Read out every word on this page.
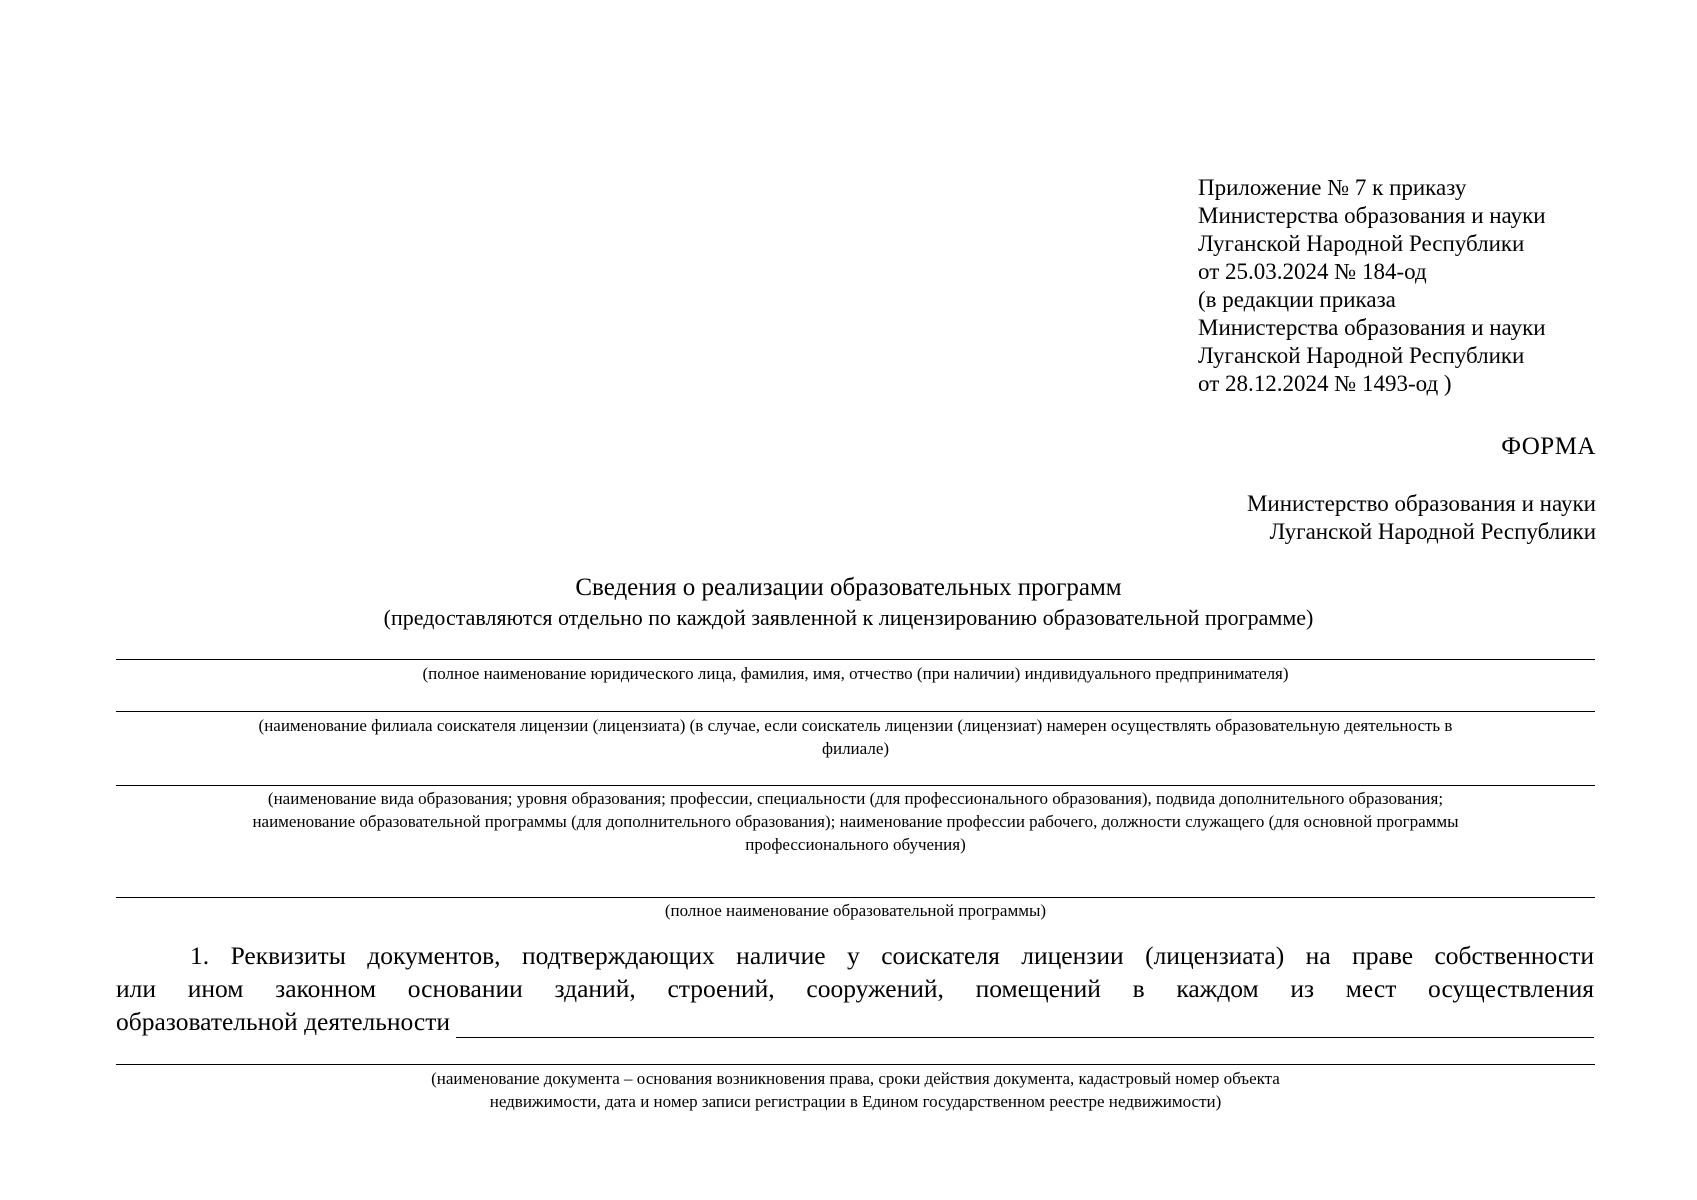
Приложение № 7 к приказу
Министерства образования и науки
Луганской Народной Республики
от 25.03.2024 № 184-од
(в редакции приказа
Министерства образования и науки
Луганской Народной Республики
от 28.12.2024 № 1493-од )
ФОРМА
Министерство образования и науки
Луганской Народной Республики
Сведения о реализации образовательных программ
(предоставляются отдельно по каждой заявленной к лицензированию образовательной программе)
(полное наименование юридического лица, фамилия, имя, отчество (при наличии) индивидуального предпринимателя)
(наименование филиала соискателя лицензии (лицензиата) (в случае, если соискатель лицензии (лицензиат) намерен осуществлять образовательную деятельность в
филиале)
(наименование вида образования; уровня образования; профессии, специальности (для профессионального образования), подвида дополнительного образования;
наименование образовательной программы (для дополнительного образования); наименование профессии рабочего, должности служащего (для основной программы
профессионального обучения)
(полное наименование образовательной программы)
1. Реквизиты документов, подтверждающих наличие у соискателя лицензии (лицензиата) на праве собственности
или ином законном основании зданий, строений, сооружений, помещений в каждом из мест осуществления
образовательной деятельности
(наименование документа – основания возникновения права, сроки действия документа, кадастровый номер объекта
недвижимости, дата и номер записи регистрации в Едином государственном реестре недвижимости)
